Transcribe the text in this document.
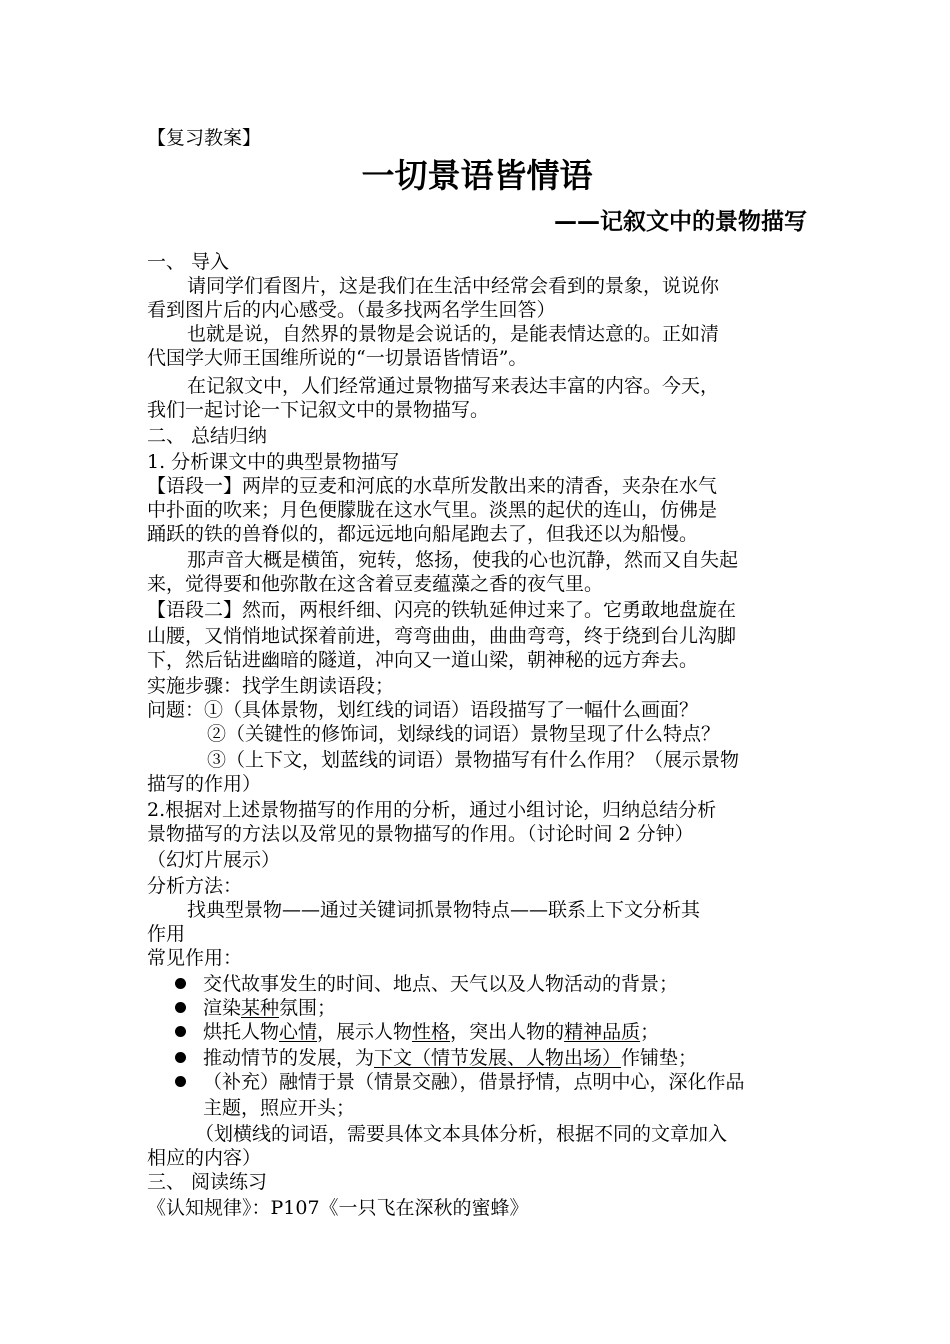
【复习教案】
一切景语皆情语
——记叙文中的景物描写
一、 导入
请同学们看图片，这是我们在生活中经常会看到的景象，说说你
看到图片后的内心感受。（最多找两名学生回答）
也就是说，自然界的景物是会说话的，是能表情达意的。正如清
代国学大师王国维所说的“一切景语皆情语”。
在记叙文中，人们经常通过景物描写来表达丰富的内容。今天，
我们一起讨论一下记叙文中的景物描写。
二、 总结归纳
1. 分析课文中的典型景物描写
【语段一】两岸的豆麦和河底的水草所发散出来的清香，夹杂在水气
中扑面的吹来；月色便朦胧在这水气里。淡黑的起伏的连山，仿佛是
踊跃的铁的兽脊似的，都远远地向船尾跑去了，但我还以为船慢。
那声音大概是横笛，宛转，悠扬，使我的心也沉静，然而又自失起
来，觉得要和他弥散在这含着豆麦蕴藻之香的夜气里。
【语段二】然而，两根纤细、闪亮的铁轨延伸过来了。它勇敢地盘旋在
山腰，又悄悄地试探着前进，弯弯曲曲，曲曲弯弯，终于绕到台儿沟脚
下，然后钻进幽暗的隧道，冲向又一道山梁，朝神秘的远方奔去。
实施步骤：找学生朗读语段；
问题：①（具体景物，划红线的词语）语段描写了一幅什么画面？
②（关键性的修饰词，划绿线的词语）景物呈现了什么特点？
③（上下文，划蓝线的词语）景物描写有什么作用？（展示景物
描写的作用）
2.根据对上述景物描写的作用的分析，通过小组讨论，归纳总结分析
景物描写的方法以及常见的景物描写的作用。（讨论时间 2 分钟）
（幻灯片展示）
分析方法：
找典型景物——通过关键词抓景物特点——联系上下文分析其
作用
常见作用：
交代故事发生的时间、地点、天气以及人物活动的背景；
渲染某种氛围；
烘托人物心情，展示人物性格，突出人物的精神品质；
推动情节的发展，为下文（情节发展、人物出场）作铺垫；
（补充）融情于景（情景交融），借景抒情，点明中心，深化作品
主题，照应开头；
（划横线的词语，需要具体文本具体分析，根据不同的文章加入
相应的内容）
三、 阅读练习
《认知规律》：P107《一只飞在深秋的蜜蜂》
